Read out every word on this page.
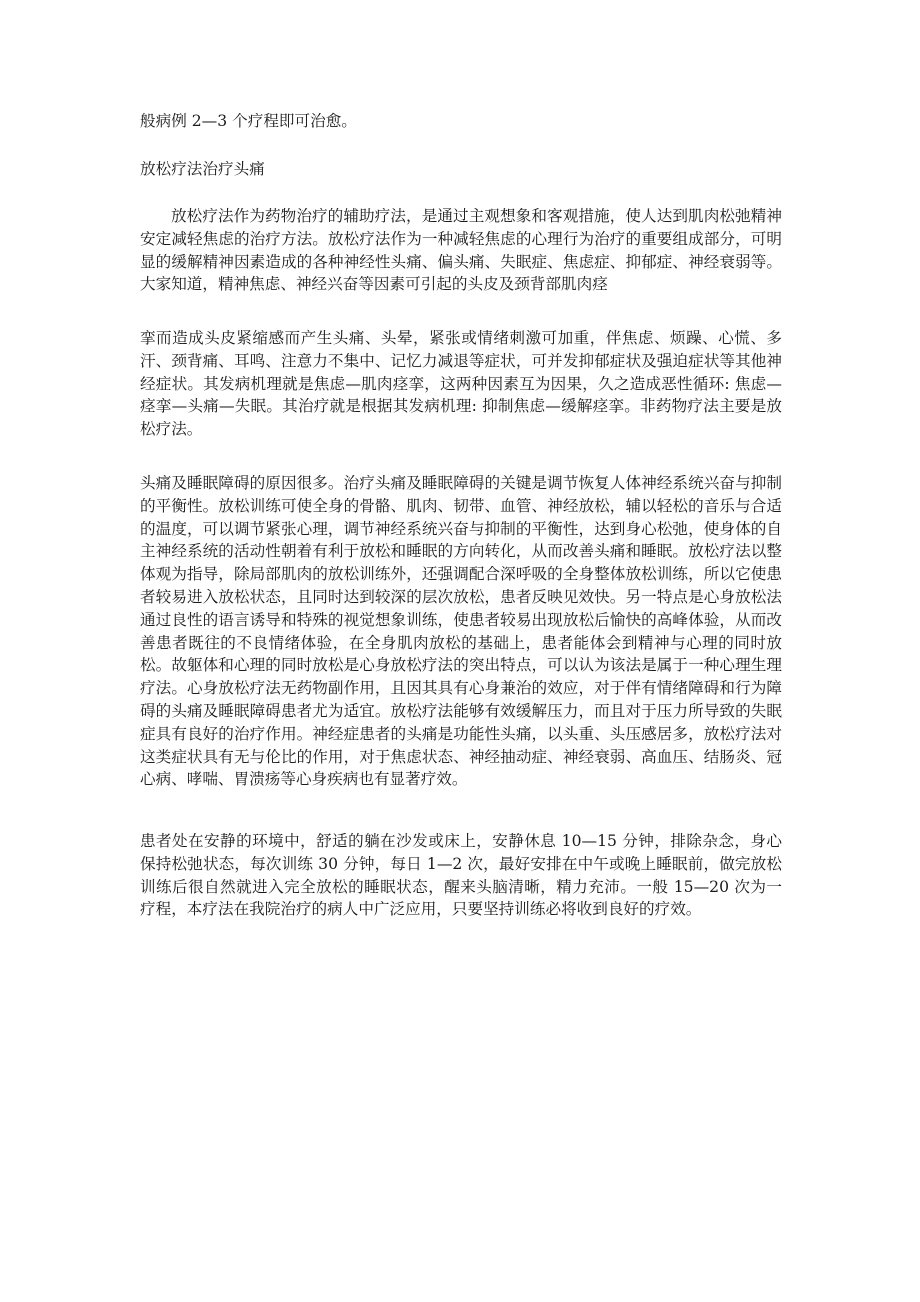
般病例 2—3 个疗程即可治愈。

放松疗法治疗头痛

放松疗法作为药物治疗的辅助疗法，是通过主观想象和客观措施，使人达到肌肉松弛精神安定减轻焦虑的治疗方法。放松疗法作为一种减轻焦虑的心理行为治疗的重要组成部分，可明显的缓解精神因素造成的各种神经性头痛、偏头痛、失眠症、焦虑症、抑郁症、神经衰弱等。大家知道，精神焦虑、神经兴奋等因素可引起的头皮及颈背部肌肉痉

挛而造成头皮紧缩感而产生头痛、头晕，紧张或情绪刺激可加重，伴焦虑、烦躁、心慌、多汗、颈背痛、耳鸣、注意力不集中、记忆力减退等症状，可并发抑郁症状及强迫症状等其他神经症状。其发病机理就是焦虑—肌肉痉挛，这两种因素互为因果，久之造成恶性循环: 焦虑—痉挛—头痛—失眠。其治疗就是根据其发病机理: 抑制焦虑—缓解痉挛。非药物疗法主要是放松疗法。

头痛及睡眠障碍的原因很多。治疗头痛及睡眠障碍的关键是调节恢复人体神经系统兴奋与抑制的平衡性。放松训练可使全身的骨骼、肌肉、韧带、血管、神经放松，辅以轻松的音乐与合适的温度，可以调节紧张心理，调节神经系统兴奋与抑制的平衡性，达到身心松弛，使身体的自主神经系统的活动性朝着有利于放松和睡眠的方向转化，从而改善头痛和睡眠。放松疗法以整体观为指导，除局部肌肉的放松训练外，还强调配合深呼吸的全身整体放松训练，所以它使患者较易进入放松状态，且同时达到较深的层次放松，患者反映见效快。另一特点是心身放松法通过良性的语言诱导和特殊的视觉想象训练，使患者较易出现放松后愉快的高峰体验，从而改善患者既往的不良情绪体验，在全身肌肉放松的基础上，患者能体会到精神与心理的同时放松。故躯体和心理的同时放松是心身放松疗法的突出特点，可以认为该法是属于一种心理生理疗法。心身放松疗法无药物副作用，且因其具有心身兼治的效应，对于伴有情绪障碍和行为障碍的头痛及睡眠障碍患者尤为适宜。放松疗法能够有效缓解压力，而且对于压力所导致的失眠症具有良好的治疗作用。神经症患者的头痛是功能性头痛，以头重、头压感居多，放松疗法对这类症状具有无与伦比的作用，对于焦虑状态、神经抽动症、神经衰弱、高血压、结肠炎、冠心病、哮喘、胃溃疡等心身疾病也有显著疗效。

患者处在安静的环境中，舒适的躺在沙发或床上，安静休息 10—15 分钟，排除杂念，身心保持松弛状态，每次训练 30 分钟，每日 1—2 次，最好安排在中午或晚上睡眠前，做完放松训练后很自然就进入完全放松的睡眠状态，醒来头脑清晰，精力充沛。一般 15—20 次为一疗程，本疗法在我院治疗的病人中广泛应用，只要坚持训练必将收到良好的疗效。
